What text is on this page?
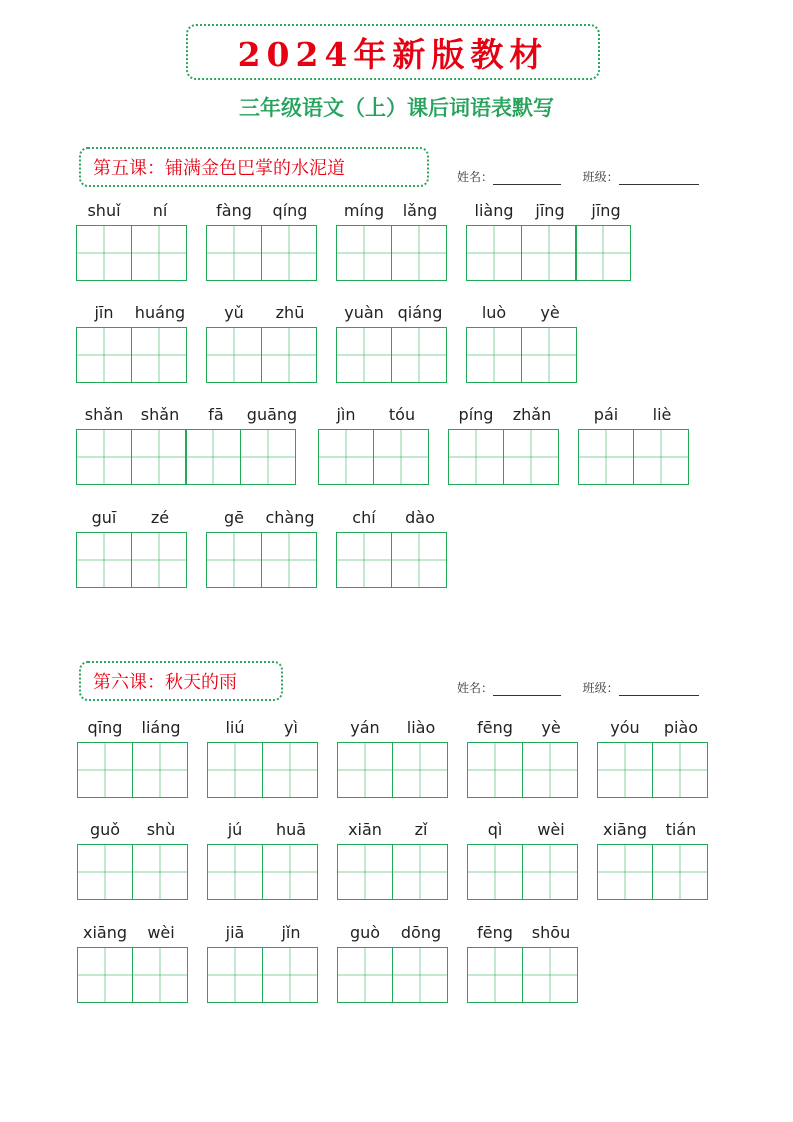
2024年新版教材
三年级语文（上）课后词语表默写
第五课：铺满金色巴掌的水泥道	姓名：	班级：
shuǐ	ní	fàng	qíng	míng	lǎng	liàng	jīng	jīng
jīn	huáng	yǔ	zhū	yuàn qiáng	luò	yè
shǎn	shǎn	fā	guāng	jìn	tóu	píng	zhǎn	pái	liè
guī	zé	gē	chàng	chí	dào
第六课：秋天的雨	姓名：	班级：
qīng	liáng	liú	yì	yán	liào	fēng	yè	yóu	piào
guǒ	shù	jú	huā	xiān	zǐ	qì	wèi	xiāng	tián
xiāng	wèi	jiā	jǐn	guò	dōng	fēng	shōu
